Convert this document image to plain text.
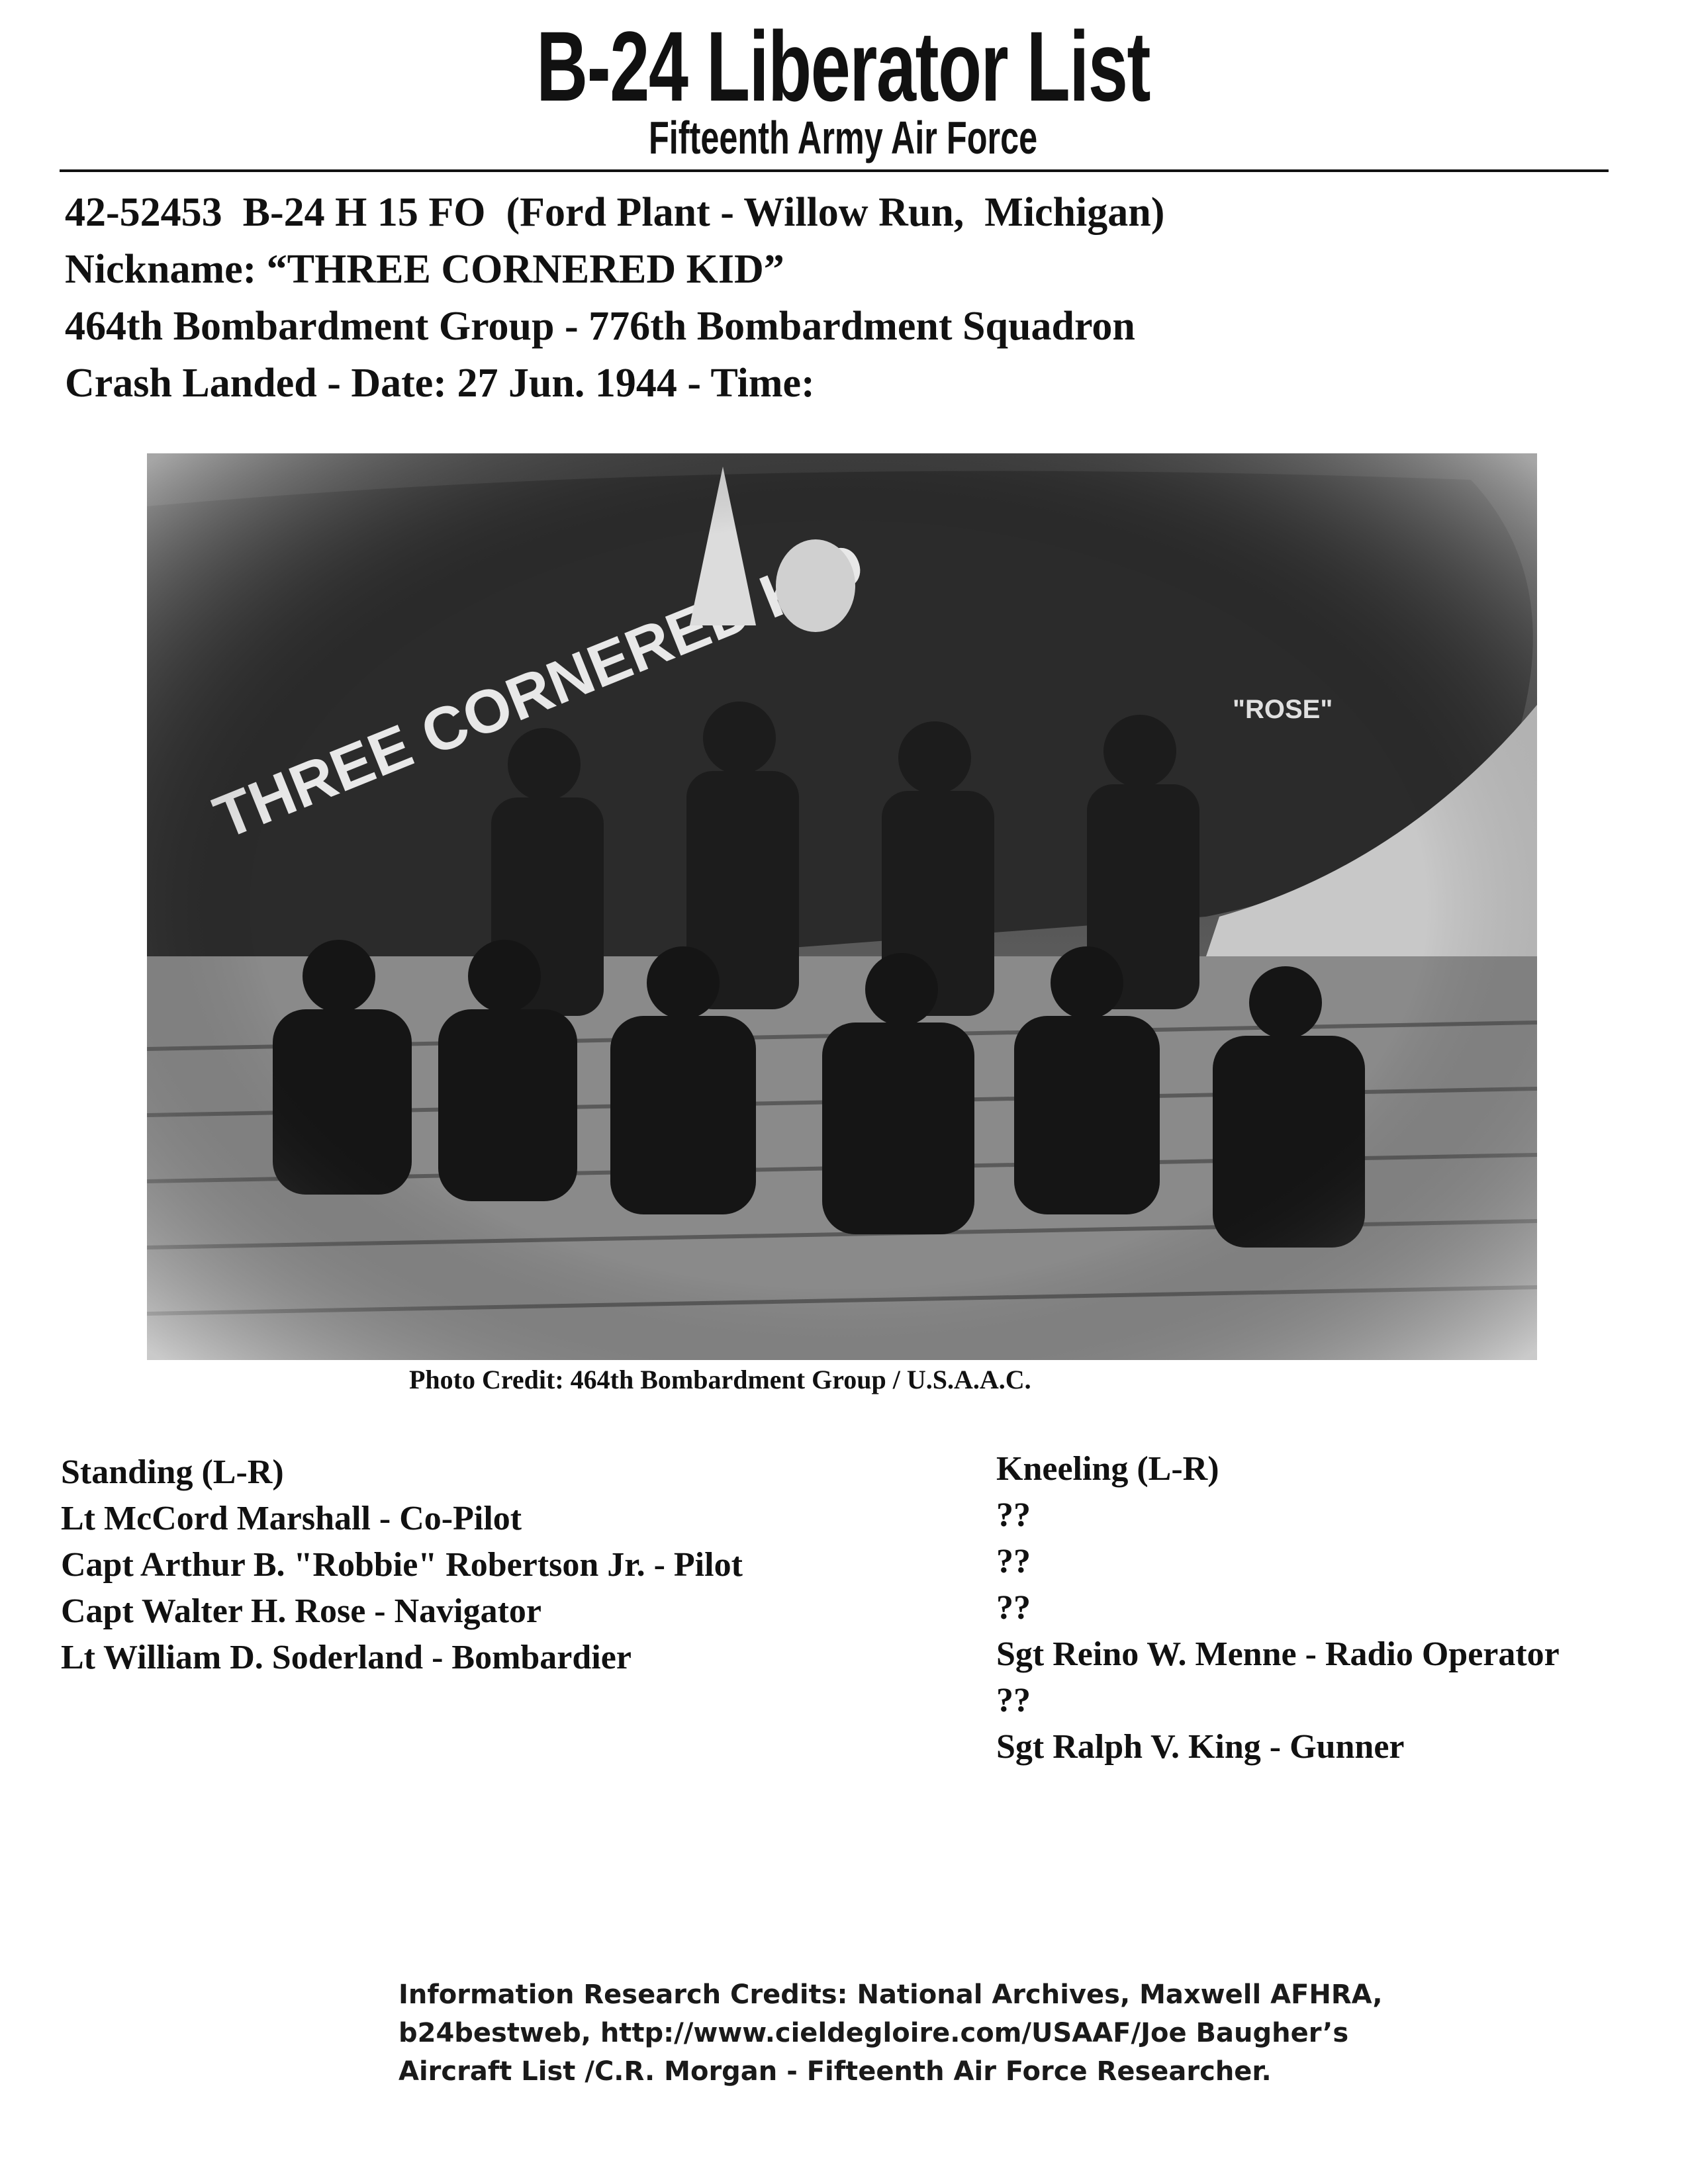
B-24 Liberator List
Fifteenth Army Air Force
42-52453  B-24 H 15 FO  (Ford Plant - Willow Run,  Michigan)
Nickname: “THREE CORNERED KID”
464th Bombardment Group - 776th Bombardment Squadron
Crash Landed - Date: 27 Jun. 1944 - Time:
Photo Credit: 464th Bombardment Group / U.S.A.A.C.
Standing (L-R)
Lt McCord Marshall - Co-Pilot
Capt Arthur B. "Robbie" Robertson Jr. - Pilot
Capt Walter H. Rose - Navigator
Lt William D. Soderland - Bombardier
Kneeling (L-R)
??
??
??
Sgt Reino W. Menne - Radio Operator
??
Sgt Ralph V. King - Gunner
Information Research Credits: National Archives, Maxwell AFHRA,
b24bestweb, http://www.cieldegloire.com/USAAF/Joe Baugher’s
Aircraft List /C.R. Morgan - Fifteenth Air Force Researcher.
